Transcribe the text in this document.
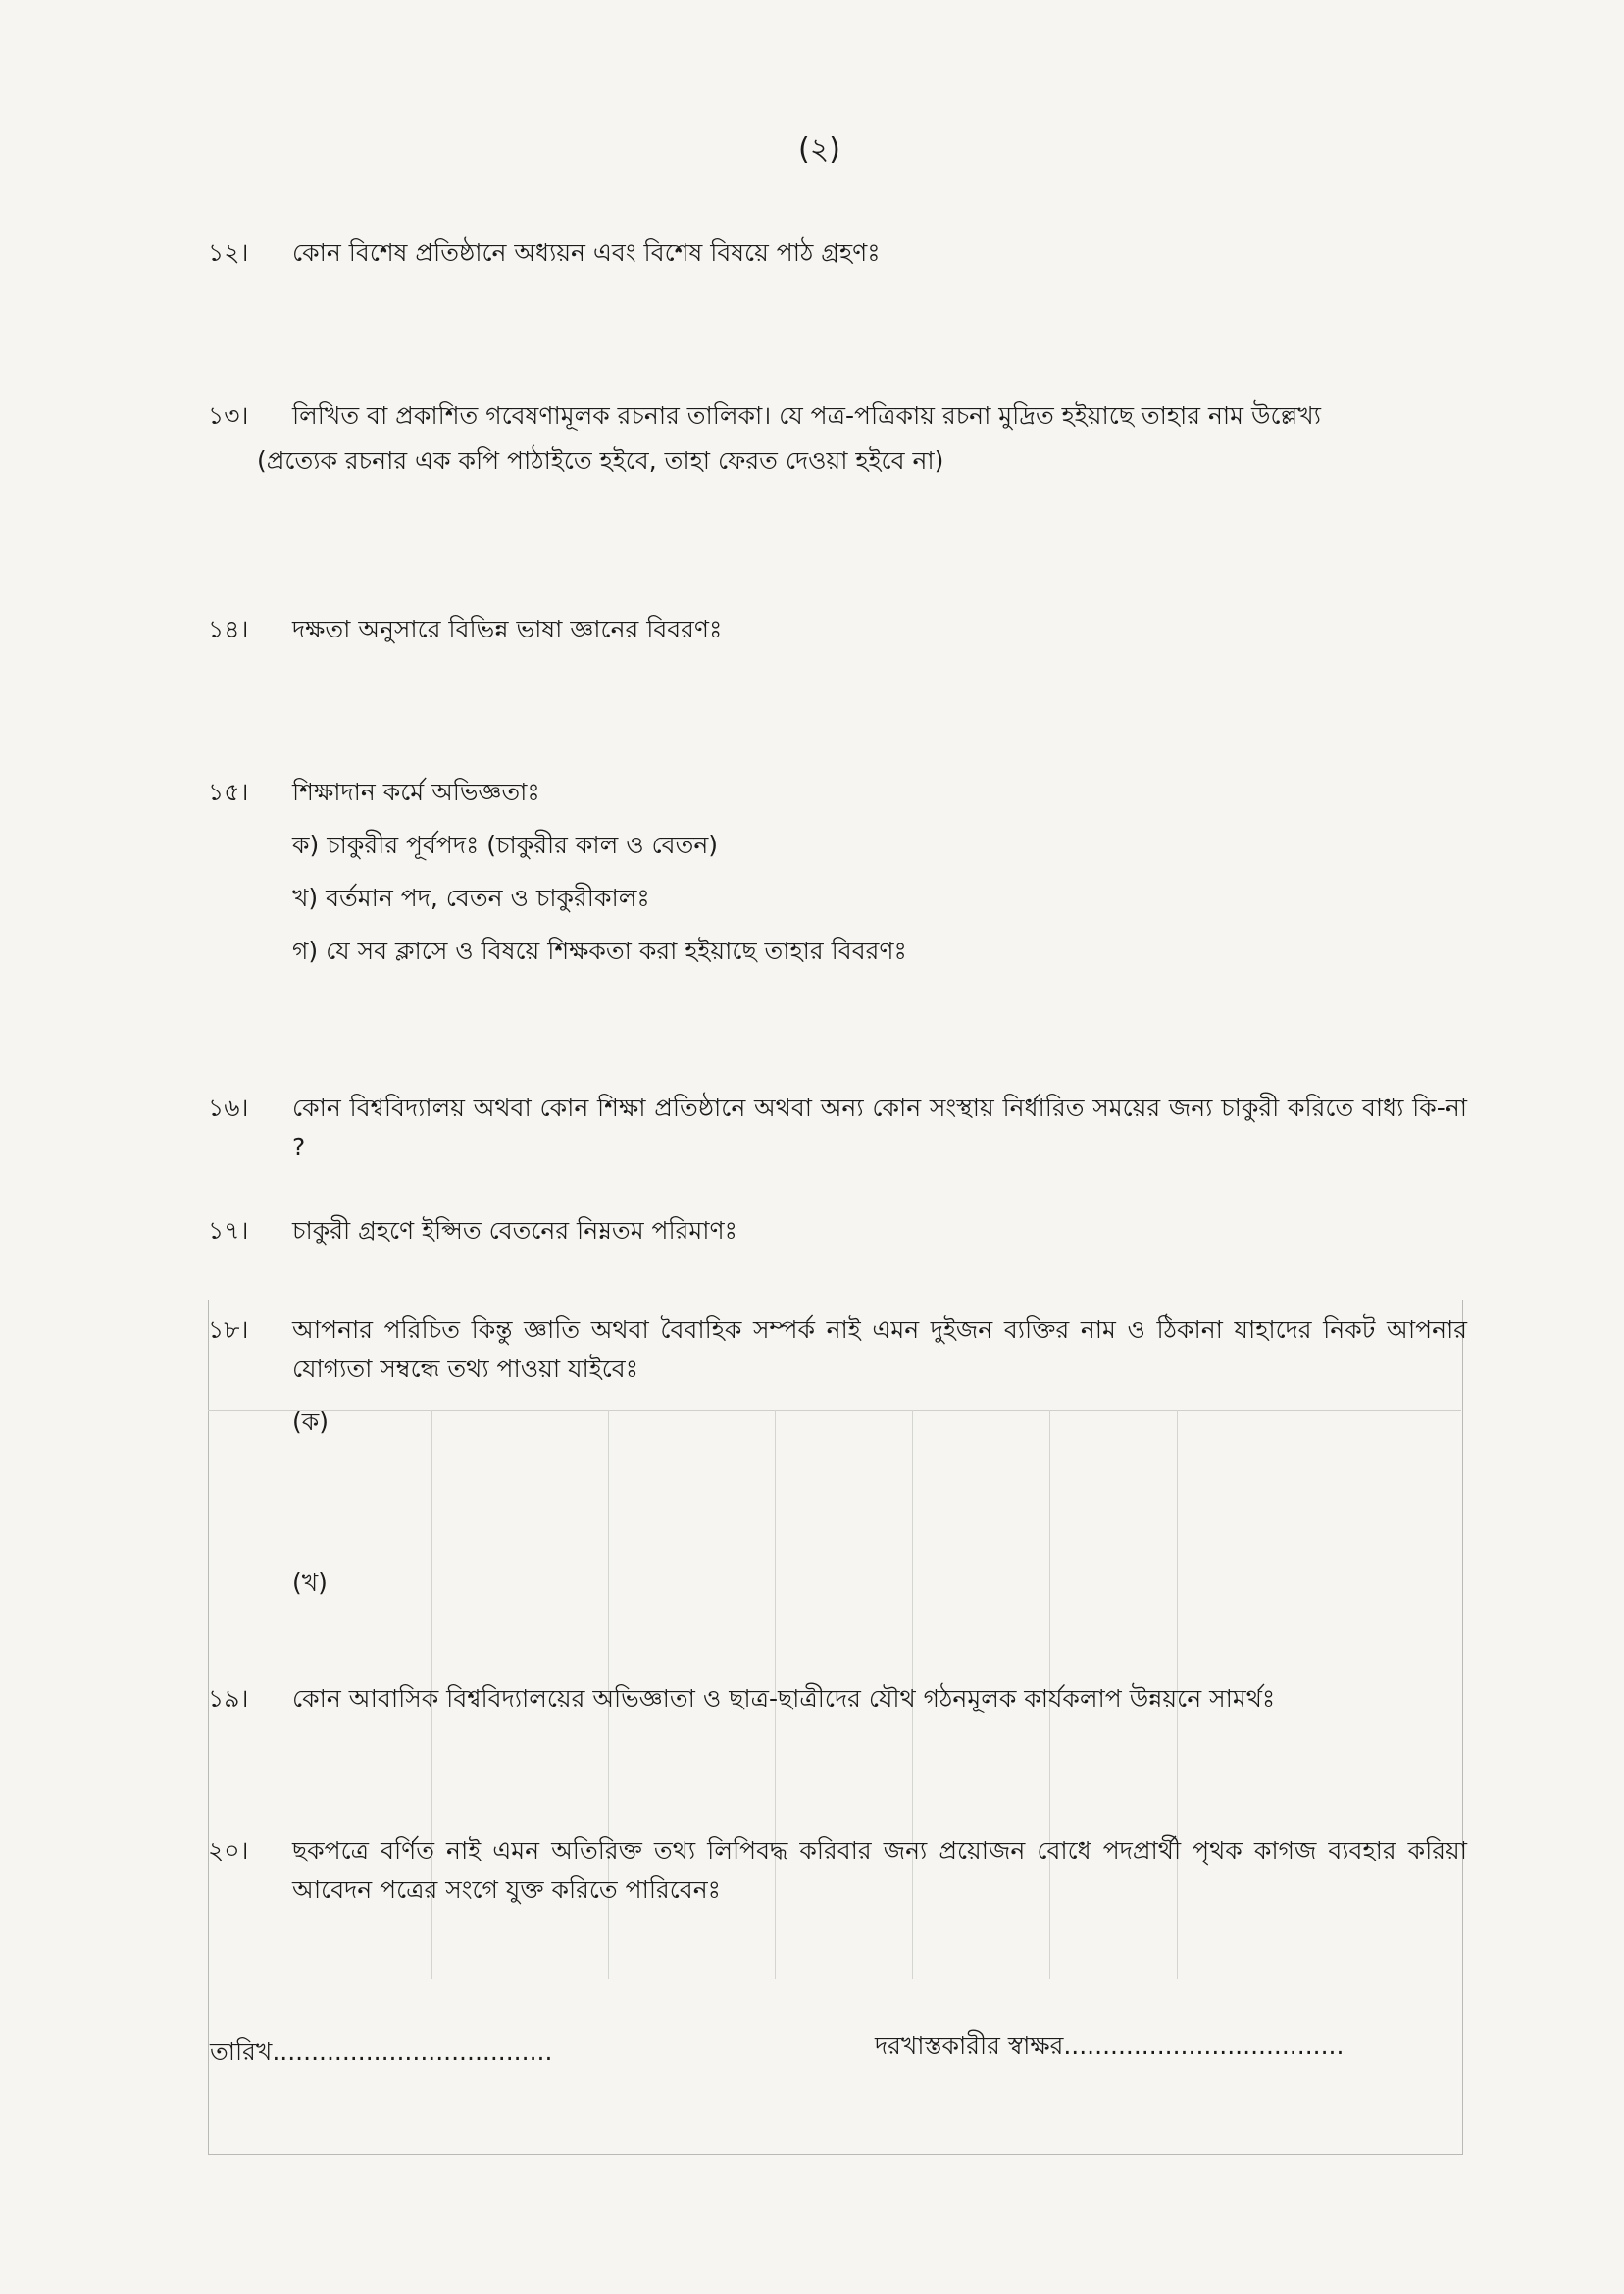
(২)
১২।	কোন বিশেষ প্রতিষ্ঠানে অধ্যয়ন এবং বিশেষ বিষয়ে পাঠ গ্রহণঃ
১৩।	লিখিত বা প্রকাশিত গবেষণামূলক রচনার তালিকা। যে পত্র-পত্রিকায় রচনা মুদ্রিত হইয়াছে তাহার নাম উল্লেখ্য
(প্রত্যেক রচনার এক কপি পাঠাইতে হইবে, তাহা ফেরত দেওয়া হইবে না)
১৪।	দক্ষতা অনুসারে বিভিন্ন ভাষা জ্ঞানের বিবরণঃ
১৫।	শিক্ষাদান কর্মে অভিজ্ঞতাঃ
ক) চাকুরীর পূর্বপদঃ (চাকুরীর কাল ও বেতন)
খ) বর্তমান পদ, বেতন ও চাকুরীকালঃ
গ) যে সব ক্লাসে ও বিষয়ে শিক্ষকতা করা হইয়াছে তাহার বিবরণঃ
১৬।	কোন বিশ্ববিদ্যালয় অথবা কোন শিক্ষা প্রতিষ্ঠানে অথবা অন্য কোন সংস্থায় নির্ধারিত সময়ের জন্য চাকুরী করিতে বাধ্য কি-না ?
১৭।	চাকুরী গ্রহণে ইপ্সিত বেতনের নিম্নতম পরিমাণঃ
১৮।	আপনার পরিচিত কিন্তু জ্ঞাতি অথবা বৈবাহিক সম্পর্ক নাই এমন দুইজন ব্যক্তির নাম ও ঠিকানা যাহাদের নিকট আপনার যোগ্যতা সম্বন্ধে তথ্য পাওয়া যাইবেঃ
(ক)
(খ)
১৯।	কোন আবাসিক বিশ্ববিদ্যালয়ের অভিজ্ঞাতা ও ছাত্র-ছাত্রীদের যৌথ গঠনমূলক কার্যকলাপ উন্নয়নে সামর্থঃ
২০।	ছকপত্রে বর্ণিত নাই এমন অতিরিক্ত তথ্য লিপিবদ্ধ করিবার জন্য প্রয়োজন বোধে পদপ্রার্থী পৃথক কাগজ ব্যবহার করিয়া আবেদন পত্রের সংগে যুক্ত করিতে পারিবেনঃ
তারিখ....................................	দরখাস্তকারীর স্বাক্ষর....................................
